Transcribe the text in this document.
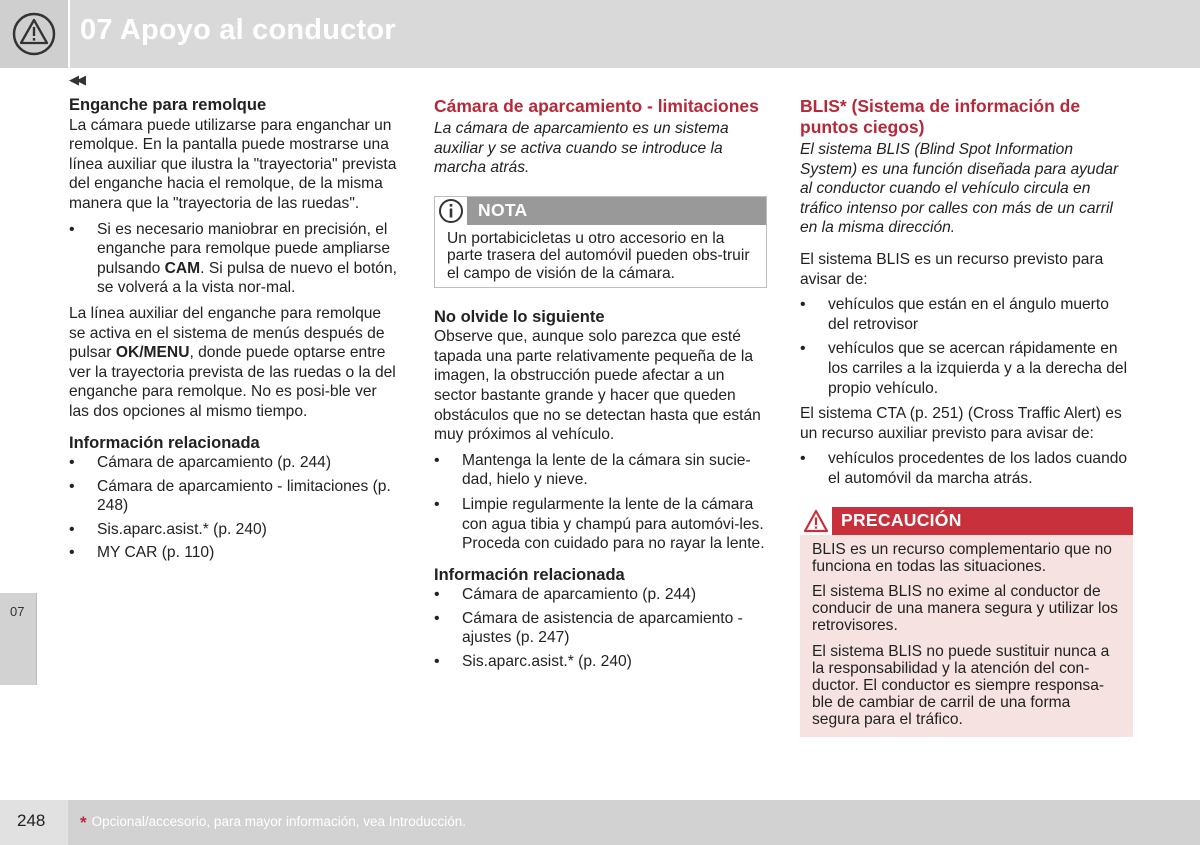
07 Apoyo al conductor
◀◀
Enganche para remolque

La cámara puede utilizarse para enganchar un remolque. En la pantalla puede mostrarse una línea auxiliar que ilustra la "trayectoria" prevista del enganche hacia el remolque, de la misma manera que la "trayectoria de las ruedas".

• Si es necesario maniobrar en precisión, el enganche para remolque puede ampliarse pulsando CAM. Si pulsa de nuevo el botón, se volverá a la vista nor-mal.

La línea auxiliar del enganche para remolque se activa en el sistema de menús después de pulsar OK/MENU, donde puede optarse entre ver la trayectoria prevista de las ruedas o la del enganche para remolque. No es posi-ble ver las dos opciones al mismo tiempo.

Información relacionada
• Cámara de aparcamiento (p. 244)
• Cámara de aparcamiento - limitaciones (p. 248)
• Sis.aparc.asist.* (p. 240)
• MY CAR (p. 110)
Cámara de aparcamiento - limitaciones

La cámara de aparcamiento es un sistema auxiliar y se activa cuando se introduce la marcha atrás.

NOTA
Un portabicicletas u otro accesorio en la parte trasera del automóvil pueden obs-truir el campo de visión de la cámara.
No olvide lo siguiente

Observe que, aunque solo parezca que esté tapada una parte relativamente pequeña de la imagen, la obstrucción puede afectar a un sector bastante grande y hacer que queden obstáculos que no se detectan hasta que están muy próximos al vehículo.

• Mantenga la lente de la cámara sin sucie-dad, hielo y nieve.
• Limpie regularmente la lente de la cámara con agua tibia y champú para automóvi-les. Proceda con cuidado para no rayar la lente.
Información relacionada
• Cámara de aparcamiento (p. 244)
• Cámara de asistencia de aparcamiento - ajustes (p. 247)
• Sis.aparc.asist.* (p. 240)
BLIS* (Sistema de información de puntos ciegos)

El sistema BLIS (Blind Spot Information System) es una función diseñada para ayudar al conductor cuando el vehículo circula en tráfico intenso por calles con más de un carril en la misma dirección.

El sistema BLIS es un recurso previsto para avisar de:

• vehículos que están en el ángulo muerto del retrovisor
• vehículos que se acercan rápidamente en los carriles a la izquierda y a la derecha del propio vehículo.

El sistema CTA (p. 251) (Cross Traffic Alert) es un recurso auxiliar previsto para avisar de:

• vehículos procedentes de los lados cuando el automóvil da marcha atrás.
PRECAUCIÓN

BLIS es un recurso complementario que no funciona en todas las situaciones.

El sistema BLIS no exime al conductor de conducir de una manera segura y utilizar los retrovisores.

El sistema BLIS no puede sustituir nunca a la responsabilidad y la atención del con-ductor. El conductor es siempre responsa-ble de cambiar de carril de una forma segura para el tráfico.

07
248 * Opcional/accesorio, para mayor información, vea Introducción.
